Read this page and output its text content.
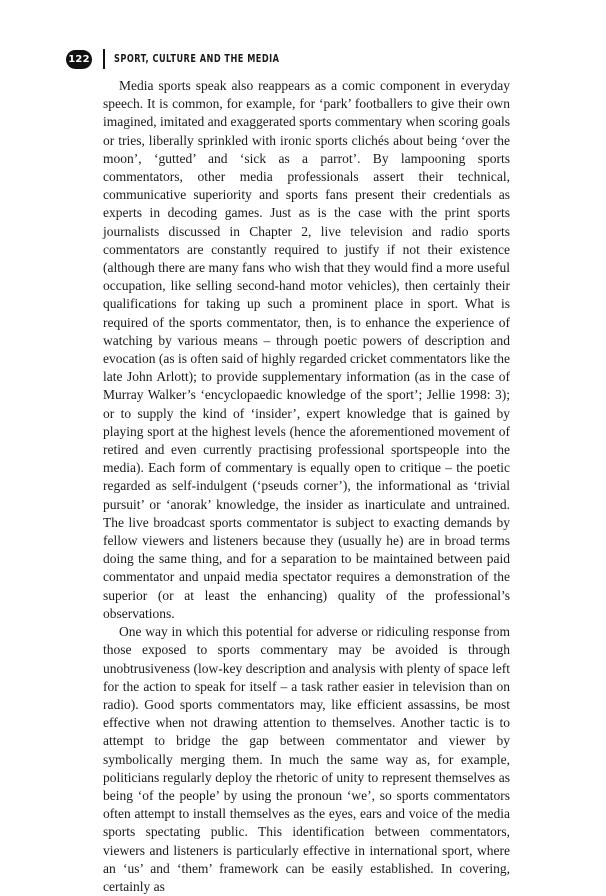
122 SPORT, CULTURE AND THE MEDIA

Media sports speak also reappears as a comic component in everyday speech. It is common, for example, for ‘park’ footballers to give their own imagined, imitated and exaggerated sports commentary when scoring goals or tries, liberally sprinkled with ironic sports clichés about being ‘over the moon’, ‘gutted’ and ‘sick as a parrot’. By lampooning sports commentators, other media professionals assert their technical, communicative superiority and sports fans present their credentials as experts in decoding games. Just as is the case with the print sports journalists discussed in Chapter 2, live television and radio sports commentators are constantly required to justify if not their existence (although there are many fans who wish that they would find a more useful occupation, like selling second-hand motor vehicles), then certainly their qualifications for taking up such a prominent place in sport. What is required of the sports commentator, then, is to enhance the experience of watching by various means – through poetic powers of description and evocation (as is often said of highly regarded cricket commentators like the late John Arlott); to provide supplementary information (as in the case of Murray Walker’s ‘encyclopaedic knowledge of the sport’; Jellie 1998: 3); or to supply the kind of ‘insider’, expert knowledge that is gained by playing sport at the highest levels (hence the aforementioned movement of retired and even currently practising professional sportspeople into the media). Each form of commentary is equally open to critique – the poetic regarded as self-indulgent (‘pseuds corner’), the informational as ‘trivial pursuit’ or ‘anorak’ knowledge, the insider as inarticulate and untrained. The live broadcast sports commentator is subject to exacting demands by fellow viewers and listeners because they (usually he) are in broad terms doing the same thing, and for a separation to be maintained between paid commentator and unpaid media spectator requires a demonstration of the superior (or at least the enhancing) quality of the professional’s observations.

One way in which this potential for adverse or ridiculing response from those exposed to sports commentary may be avoided is through unobtrusiveness (low-key description and analysis with plenty of space left for the action to speak for itself – a task rather easier in television than on radio). Good sports commentators may, like efficient assassins, be most effective when not drawing attention to themselves. Another tactic is to attempt to bridge the gap between commentator and viewer by symbolically merging them. In much the same way as, for example, politicians regularly deploy the rhetoric of unity to represent themselves as being ‘of the people’ by using the pronoun ‘we’, so sports commentators often attempt to install themselves as the eyes, ears and voice of the media sports spectating public. This identification between commentators, viewers and listeners is particularly effective in international sport, where an ‘us’ and ‘them’ framework can be easily established. In covering, certainly as
